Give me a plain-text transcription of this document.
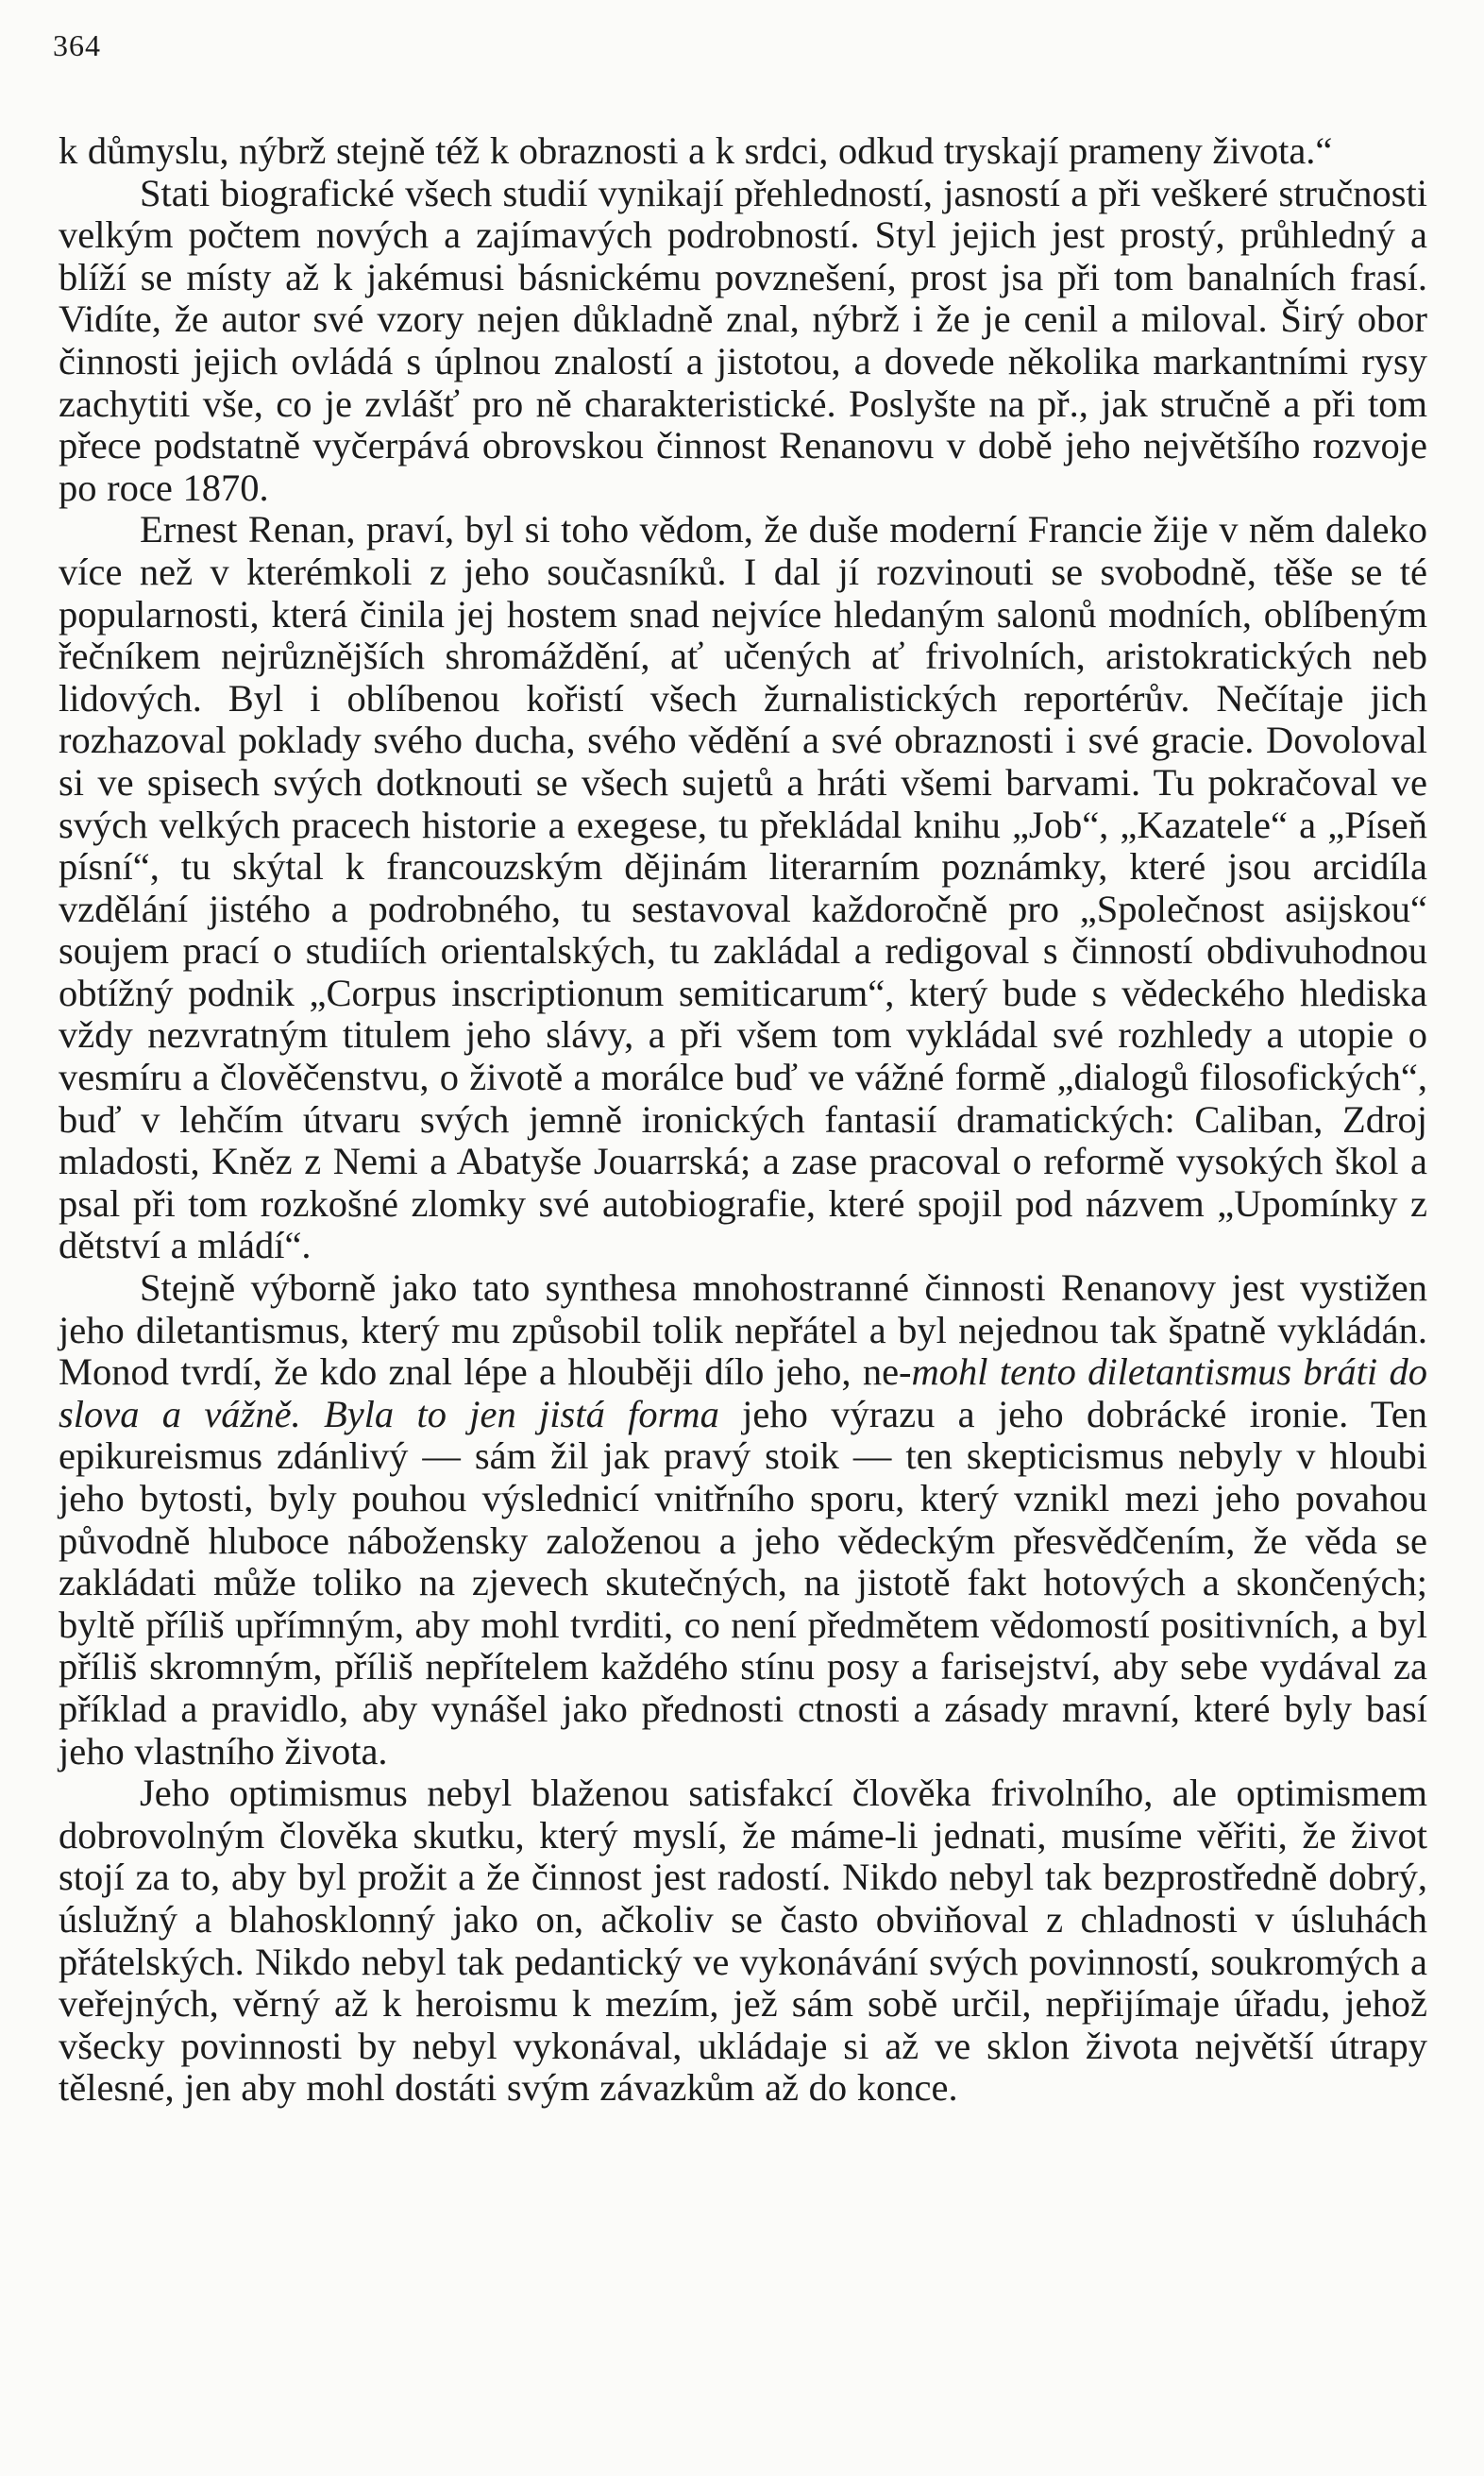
364

k důmyslu, nýbrž stejně též k obraznosti a k srdci, odkud tryskají prameny života.“

Stati biografické všech studií vynikají přehledností, jasností a při veškeré stručnosti velkým počtem nových a zajímavých podrobností. Styl jejich jest prostý, průhledný a blíží se místy až k jakémusi básnickému povznešení, prost jsa při tom banalních frasí. Vidíte, že autor své vzory nejen důkladně znal, nýbrž i že je cenil a miloval. Širý obor činnosti jejich ovládá s úplnou znalostí a jistotou, a dovede několika markantními rysy zachytiti vše, co je zvlášť pro ně charakteristické. Poslyšte na př., jak stručně a při tom přece podstatně vyčerpává obrovskou činnost Renanovu v době jeho největšího rozvoje po roce 1870.

Ernest Renan, praví, byl si toho vědom, že duše moderní Francie žije v něm daleko více než v kterémkoli z jeho současníků. I dal jí rozvinouti se svobodně, těše se té popularnosti, která činila jej hostem snad nejvíce hledaným salonů modních, oblíbeným řečníkem nejrůznějších shromáždění, ať učených ať frivolních, aristokratických neb lidových. Byl i oblíbenou kořistí všech žurnalistických reportérův. Nečítaje jich rozhazoval poklady svého ducha, svého vědění a své obraznosti i své gracie. Dovoloval si ve spisech svých dotknouti se všech sujetů a hráti všemi barvami. Tu pokračoval ve svých velkých pracech historie a exegese, tu překládal knihu „Job“, „Kazatele“ a „Píseň písní“, tu skýtal k francouzským dějinám literarním poznámky, které jsou arcidíla vzdělání jistého a podrobného, tu sestavoval každoročně pro „Společnost asijskou“ soujem prací o studiích orientalských, tu zakládal a redigoval s činností obdivuhodnou obtížný podnik „Corpus inscriptionum semiticarum“, který bude s vědeckého hlediska vždy nezvratným titulem jeho slávy, a při všem tom vykládal své rozhledy a utopie o vesmíru a člověčenstvu, o životě a morálce buď ve vážné formě „dialogů filosofických“, buď v lehčím útvaru svých jemně ironických fantasií dramatických: Caliban, Zdroj mladosti, Kněz z Nemi a Abatyše Jouarrská; a zase pracoval o reformě vysokých škol a psal při tom rozkošné zlomky své autobiografie, které spojil pod názvem „Upomínky z dětství a mládí“.

Stejně výborně jako tato synthesa mnohostranné činnosti Renanovy jest vystižen jeho diletantismus, který mu způsobil tolik nepřátel a byl nejednou tak špatně vykládán. Monod tvrdí, že kdo znal lépe a hlouběji dílo jeho, ne-mohl tento diletantismus bráti do slova a vážně. Byla to jen jistá forma jeho výrazu a jeho dobrácké ironie. Ten epikureismus zdánlivý — sám žil jak pravý stoik — ten skepticismus nebyly v hloubi jeho bytosti, byly pouhou výslednicí vnitřního sporu, který vznikl mezi jeho povahou původně hluboce nábožensky založenou a jeho vědeckým přesvědčením, že věda se zakládati může toliko na zjevech skutečných, na jistotě fakt hotových a skončených; byltě příliš upřímným, aby mohl tvrditi, co není předmětem vědomostí positivních, a byl příliš skromným, příliš nepřítelem každého stínu posy a farisejství, aby sebe vydával za příklad a pravidlo, aby vynášel jako přednosti ctnosti a zásady mravní, které byly basí jeho vlastního života.

Jeho optimismus nebyl blaženou satisfakcí člověka frivolního, ale optimismem dobrovolným člověka skutku, který myslí, že máme-li jednati, musíme věřiti, že život stojí za to, aby byl prožit a že činnost jest radostí. Nikdo nebyl tak bezprostředně dobrý, úslužný a blahosklonný jako on, ačkoliv se často obviňoval z chladnosti v úsluhách přátelských. Nikdo nebyl tak pedantický ve vykonávání svých povinností, soukromých a veřejných, věrný až k heroismu k mezím, jež sám sobě určil, nepřijímaje úřadu, jehož všecky povinnosti by nebyl vykonával, ukládaje si až ve sklon života největší útrapy tělesné, jen aby mohl dostáti svým závazkům až do konce.
